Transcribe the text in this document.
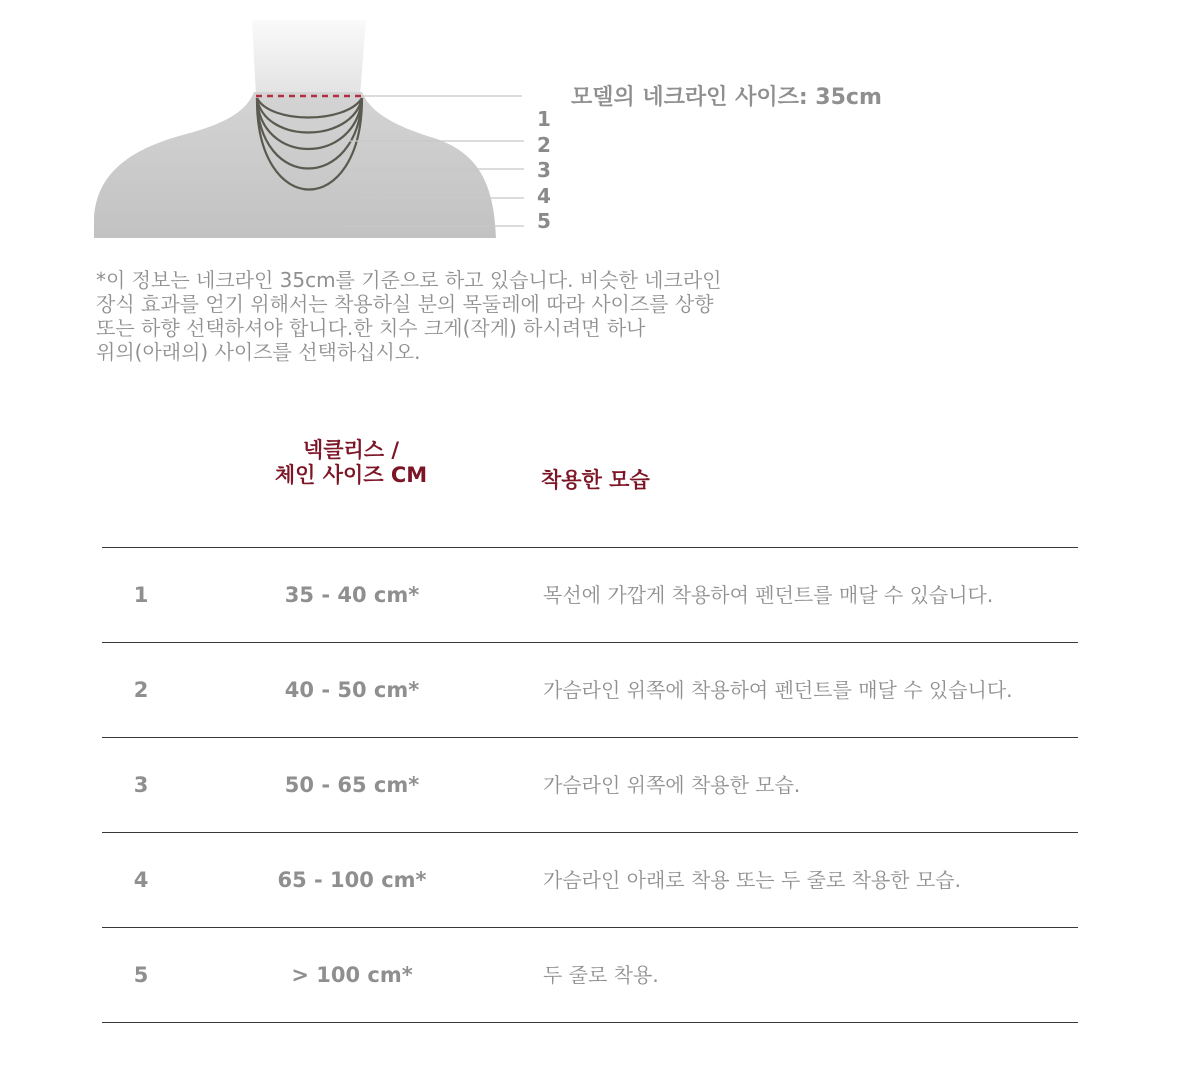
1
2
3
4
5
모델의 네크라인 사이즈: 35cm

*이 정보는 네크라인 35cm를 기준으로 하고 있습니다. 비슷한 네크라인
장식 효과를 얻기 위해서는 착용하실 분의 목둘레에 따라 사이즈를 상향
또는 하향 선택하셔야 합니다.한 치수 크게(작게) 하시려면 하나
위의(아래의) 사이즈를 선택하십시오.

넥클리스 /
체인 사이즈 CM	착용한 모습
1	35 - 40 cm*	목선에 가깝게 착용하여 펜던트를 매달 수 있습니다.
2	40 - 50 cm*	가슴라인 위쪽에 착용하여 펜던트를 매달 수 있습니다.
3	50 - 65 cm*	가슴라인 위쪽에 착용한 모습.
4	65 - 100 cm*	가슴라인 아래로 착용 또는 두 줄로 착용한 모습.
5	> 100 cm*	두 줄로 착용.
